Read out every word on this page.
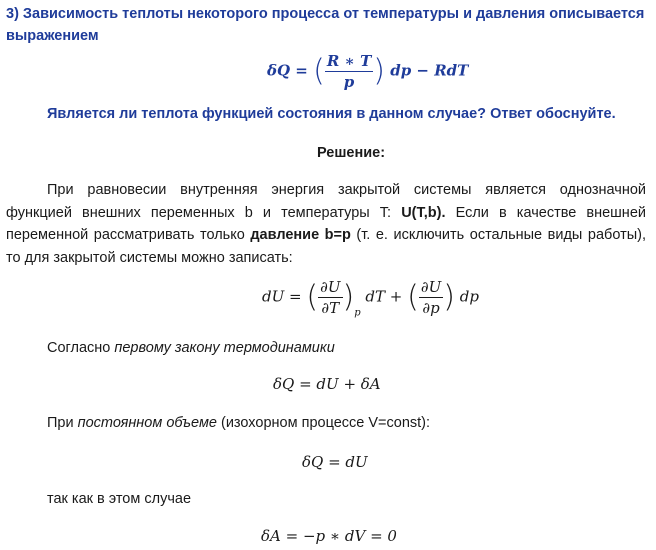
3) Зависимость теплоты некоторого процесса от температуры и давления описывается выражением
δQ = ( $\frac{R ∗ T}{p}$ ) dp − RdT
Является ли теплота функцией состояния в данном случае? Ответ обоснуйте.
Решение:
При равновесии внутренняя энергия закрытой системы является однозначной функцией внешних переменных b и температуры T: U(T,b). Если в качестве внешней переменной рассматривать только давление b=p (т. е. исключить остальные виды работы), то для закрытой системы можно записать:
dU = ( $\frac{\partial U}{\partial T} )_p$ dT + ( $\frac{\partial U}{\partial p}$ ) dp
Согласно первому закону термодинамики
δQ = dU + δA
При постоянном объеме (изохорном процессе V=const):
δQ = dU
так как в этом случае
δA = −p ∗ dV = 0
